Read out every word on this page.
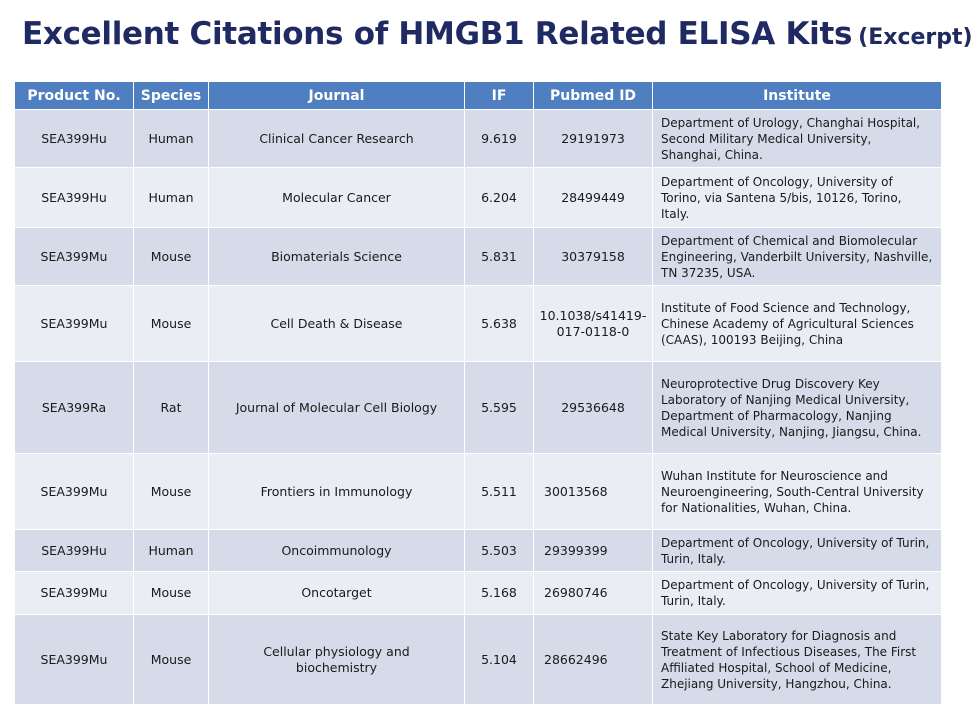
Excellent Citations of HMGB1 Related ELISA Kits (Excerpt)
Product No.	Species	Journal	IF	Pubmed ID	Institute
SEA399Hu	Human	Clinical Cancer Research	9.619	29191973	Department of Urology, Changhai Hospital, Second Military Medical University, Shanghai, China.
SEA399Hu	Human	Molecular Cancer	6.204	28499449	Department of Oncology, University of Torino, via Santena 5/bis, 10126, Torino, Italy.
SEA399Mu	Mouse	Biomaterials Science	5.831	30379158	Department of Chemical and Biomolecular Engineering, Vanderbilt University, Nashville, TN 37235, USA.
SEA399Mu	Mouse	Cell Death & Disease	5.638	10.1038/s41419-017-0118-0	Institute of Food Science and Technology, Chinese Academy of Agricultural Sciences (CAAS), 100193 Beijing, China
SEA399Ra	Rat	Journal of Molecular Cell Biology	5.595	29536648	Neuroprotective Drug Discovery Key Laboratory of Nanjing Medical University, Department of Pharmacology, Nanjing Medical University, Nanjing, Jiangsu, China.
SEA399Mu	Mouse	Frontiers in Immunology	5.511	30013568	Wuhan Institute for Neuroscience and Neuroengineering, South-Central University for Nationalities, Wuhan, China.
SEA399Hu	Human	Oncoimmunology	5.503	29399399	Department of Oncology, University of Turin, Turin, Italy.
SEA399Mu	Mouse	Oncotarget	5.168	26980746	Department of Oncology, University of Turin, Turin, Italy.
SEA399Mu	Mouse	Cellular physiology and biochemistry	5.104	28662496	State Key Laboratory for Diagnosis and Treatment of Infectious Diseases, The First Affiliated Hospital, School of Medicine, Zhejiang University, Hangzhou, China.
